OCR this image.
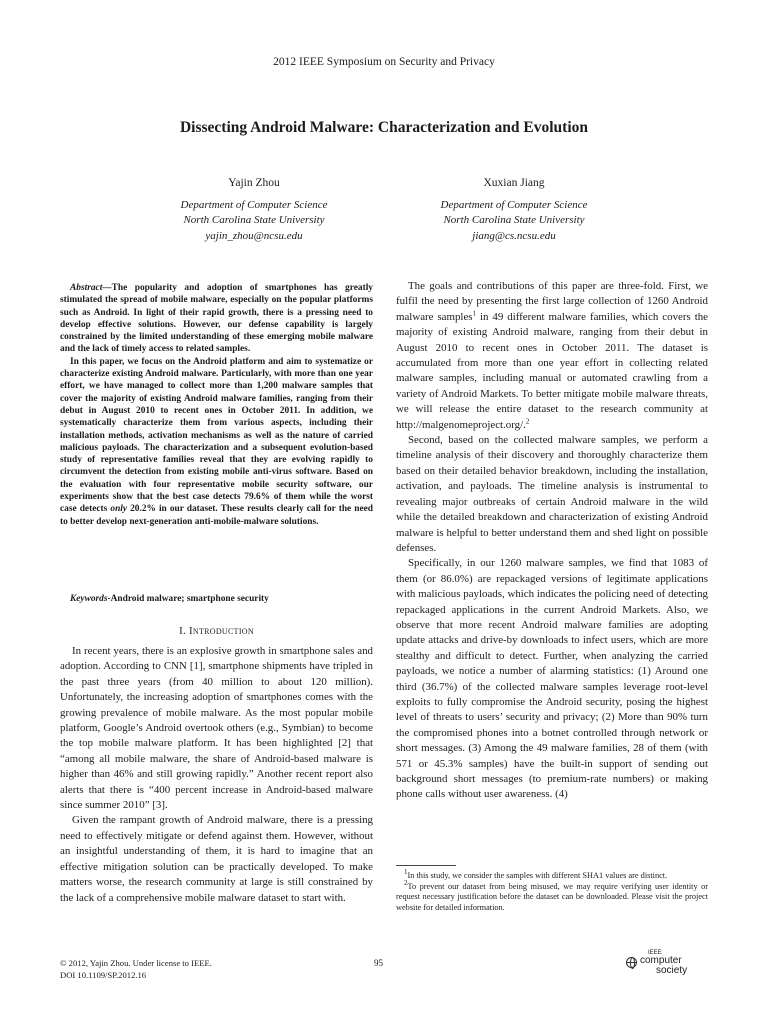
2012 IEEE Symposium on Security and Privacy
Dissecting Android Malware: Characterization and Evolution
Yajin Zhou
Department of Computer Science
North Carolina State University
yajin_zhou@ncsu.edu
Xuxian Jiang
Department of Computer Science
North Carolina State University
jiang@cs.ncsu.edu

Abstract—The popularity and adoption of smartphones has greatly stimulated the spread of mobile malware, especially on the popular platforms such as Android. In light of their rapid growth, there is a pressing need to develop effective solutions. However, our defense capability is largely constrained by the limited understanding of these emerging mobile malware and the lack of timely access to related samples.

In this paper, we focus on the Android platform and aim to systematize or characterize existing Android malware. Particularly, with more than one year effort, we have managed to collect more than 1,200 malware samples that cover the majority of existing Android malware families, ranging from their debut in August 2010 to recent ones in October 2011. In addition, we systematically characterize them from various aspects, including their installation methods, activation mechanisms as well as the nature of carried malicious payloads. The characterization and a subsequent evolution-based study of representative families reveal that they are evolving rapidly to circumvent the detection from existing mobile anti-virus software. Based on the evaluation with four representative mobile security software, our experiments show that the best case detects 79.6% of them while the worst case detects only 20.2% in our dataset. These results clearly call for the need to better develop next-generation anti-mobile-malware solutions.

Keywords-Android malware; smartphone security
I. Introduction

In recent years, there is an explosive growth in smartphone sales and adoption. According to CNN [1], smartphone shipments have tripled in the past three years (from 40 million to about 120 million). Unfortunately, the increasing adoption of smartphones comes with the growing prevalence of mobile malware. As the most popular mobile platform, Google’s Android overtook others (e.g., Symbian) to become the top mobile malware platform. It has been highlighted [2] that “among all mobile malware, the share of Android-based malware is higher than 46% and still growing rapidly.” Another recent report also alerts that there is “400 percent increase in Android-based malware since summer 2010” [3].

Given the rampant growth of Android malware, there is a pressing need to effectively mitigate or defend against them. However, without an insightful understanding of them, it is hard to imagine that an effective mitigation solution can be practically developed. To make matters worse, the research community at large is still constrained by the lack of a comprehensive mobile malware dataset to start with.

The goals and contributions of this paper are three-fold. First, we fulfil the need by presenting the first large collection of 1260 Android malware samples$^1$ in 49 different malware families, which covers the majority of existing Android malware, ranging from their debut in August 2010 to recent ones in October 2011. The dataset is accumulated from more than one year effort in collecting related malware samples, including manual or automated crawling from a variety of Android Markets. To better mitigate mobile malware threats, we will release the entire dataset to the research community at http://malgenomeproject.org/.$^2$

Second, based on the collected malware samples, we perform a timeline analysis of their discovery and thoroughly characterize them based on their detailed behavior breakdown, including the installation, activation, and payloads. The timeline analysis is instrumental to revealing major outbreaks of certain Android malware in the wild while the detailed breakdown and characterization of existing Android malware is helpful to better understand them and shed light on possible defenses.

Specifically, in our 1260 malware samples, we find that 1083 of them (or 86.0%) are repackaged versions of legitimate applications with malicious payloads, which indicates the policing need of detecting repackaged applications in the current Android Markets. Also, we observe that more recent Android malware families are adopting update attacks and drive-by downloads to infect users, which are more stealthy and difficult to detect. Further, when analyzing the carried payloads, we notice a number of alarming statistics: (1) Around one third (36.7%) of the collected malware samples leverage root-level exploits to fully compromise the Android security, posing the highest level of threats to users’ security and privacy; (2) More than 90% turn the compromised phones into a botnet controlled through network or short messages. (3) Among the 49 malware families, 28 of them (with 571 or 45.3% samples) have the built-in support of sending out background short messages (to premium-rate numbers) or making phone calls without user awareness. (4)

$^1$In this study, we consider the samples with different SHA1 values are distinct.

$^2$To prevent our dataset from being misused, we may require verifying user identity or request necessary justification before the dataset can be downloaded. Please visit the project website for detailed information.

© 2012, Yajin Zhou. Under license to IEEE.
DOI 10.1109/SP.2012.16
95
IEEE
computer
society
